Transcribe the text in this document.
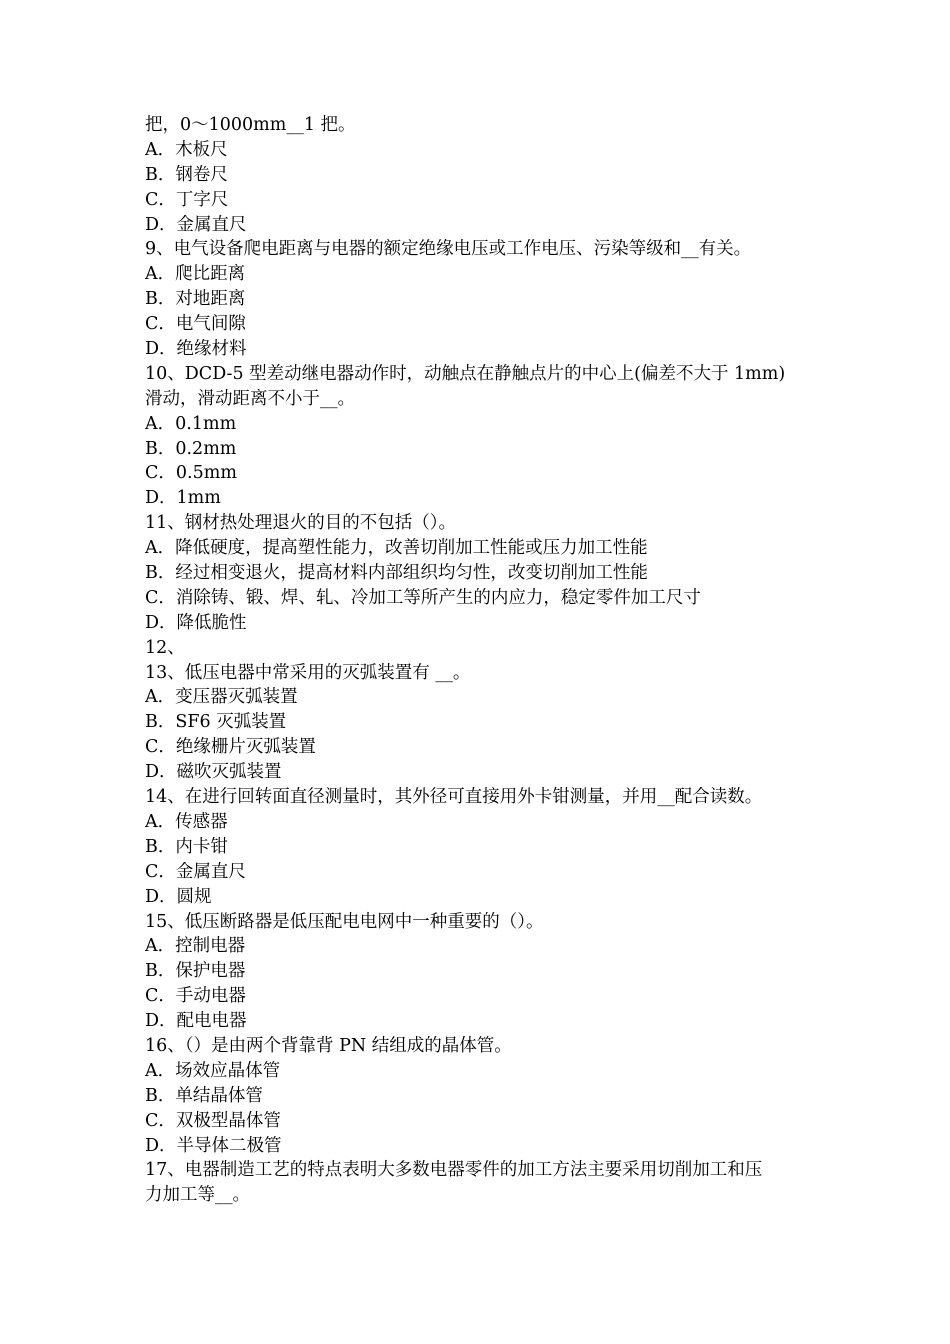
把，0～1000mm__1 把。
A．木板尺
B．钢卷尺
C．丁字尺
D．金属直尺
9、电气设备爬电距离与电器的额定绝缘电压或工作电压、污染等级和__有关。
A．爬比距离
B．对地距离
C．电气间隙
D．绝缘材料
10、DCD-5 型差动继电器动作时，动触点在静触点片的中心上(偏差不大于 1mm)
滑动，滑动距离不小于__。
A．0.1mm
B．0.2mm
C．0.5mm
D．1mm
11、钢材热处理退火的目的不包括（）。
A．降低硬度，提高塑性能力，改善切削加工性能或压力加工性能
B．经过相变退火，提高材料内部组织均匀性，改变切削加工性能
C．消除铸、锻、焊、轧、冷加工等所产生的内应力，稳定零件加工尺寸
D．降低脆性
12、
13、低压电器中常采用的灭弧装置有 __。
A．变压器灭弧装置
B．SF6 灭弧装置
C．绝缘栅片灭弧装置
D．磁吹灭弧装置
14、在进行回转面直径测量时，其外径可直接用外卡钳测量，并用__配合读数。
A．传感器
B．内卡钳
C．金属直尺
D．圆规
15、低压断路器是低压配电电网中一种重要的（）。
A．控制电器
B．保护电器
C．手动电器
D．配电电器
16、（）是由两个背靠背 PN 结组成的晶体管。
A．场效应晶体管
B．单结晶体管
C．双极型晶体管
D．半导体二极管
17、电器制造工艺的特点表明大多数电器零件的加工方法主要采用切削加工和压
力加工等__。
